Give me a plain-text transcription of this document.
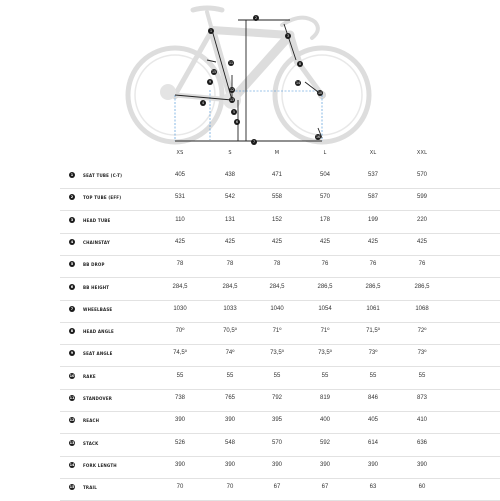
1
2
3
4
5
6
7
8
9
10
11
12
13
14
15
16
XS	S	M	L	XL	XXL
1	SEAT TUBE (C-T)	405	438	471	504	537	570
2	TOP TUBE (EFF)	531	542	558	570	587	599
3	HEAD TUBE	110	131	152	178	199	220
4	CHAINSTAY	425	425	425	425	425	425
5	BB DROP	78	78	78	76	76	76
6	BB HEIGHT	284,5	284,5	284,5	286,5	286,5	286,5
7	WHEELBASE	1030	1033	1040	1054	1061	1068
8	HEAD ANGLE	70º	70,5º	71º	71º	71,5º	72º
9	SEAT ANGLE	74,5º	74º	73,5º	73,5º	73º	73º
10 RAKE	55	55	55	55	55	55
11 STANDOVER	738	765	792	819	846	873
12 REACH	390	390	395	400	405	410
13 STACK	526	548	570	592	614	636
14 FORK LENGTH	390	390	390	390	390	390
15 TRAIL	70	70	67	67	63	60
